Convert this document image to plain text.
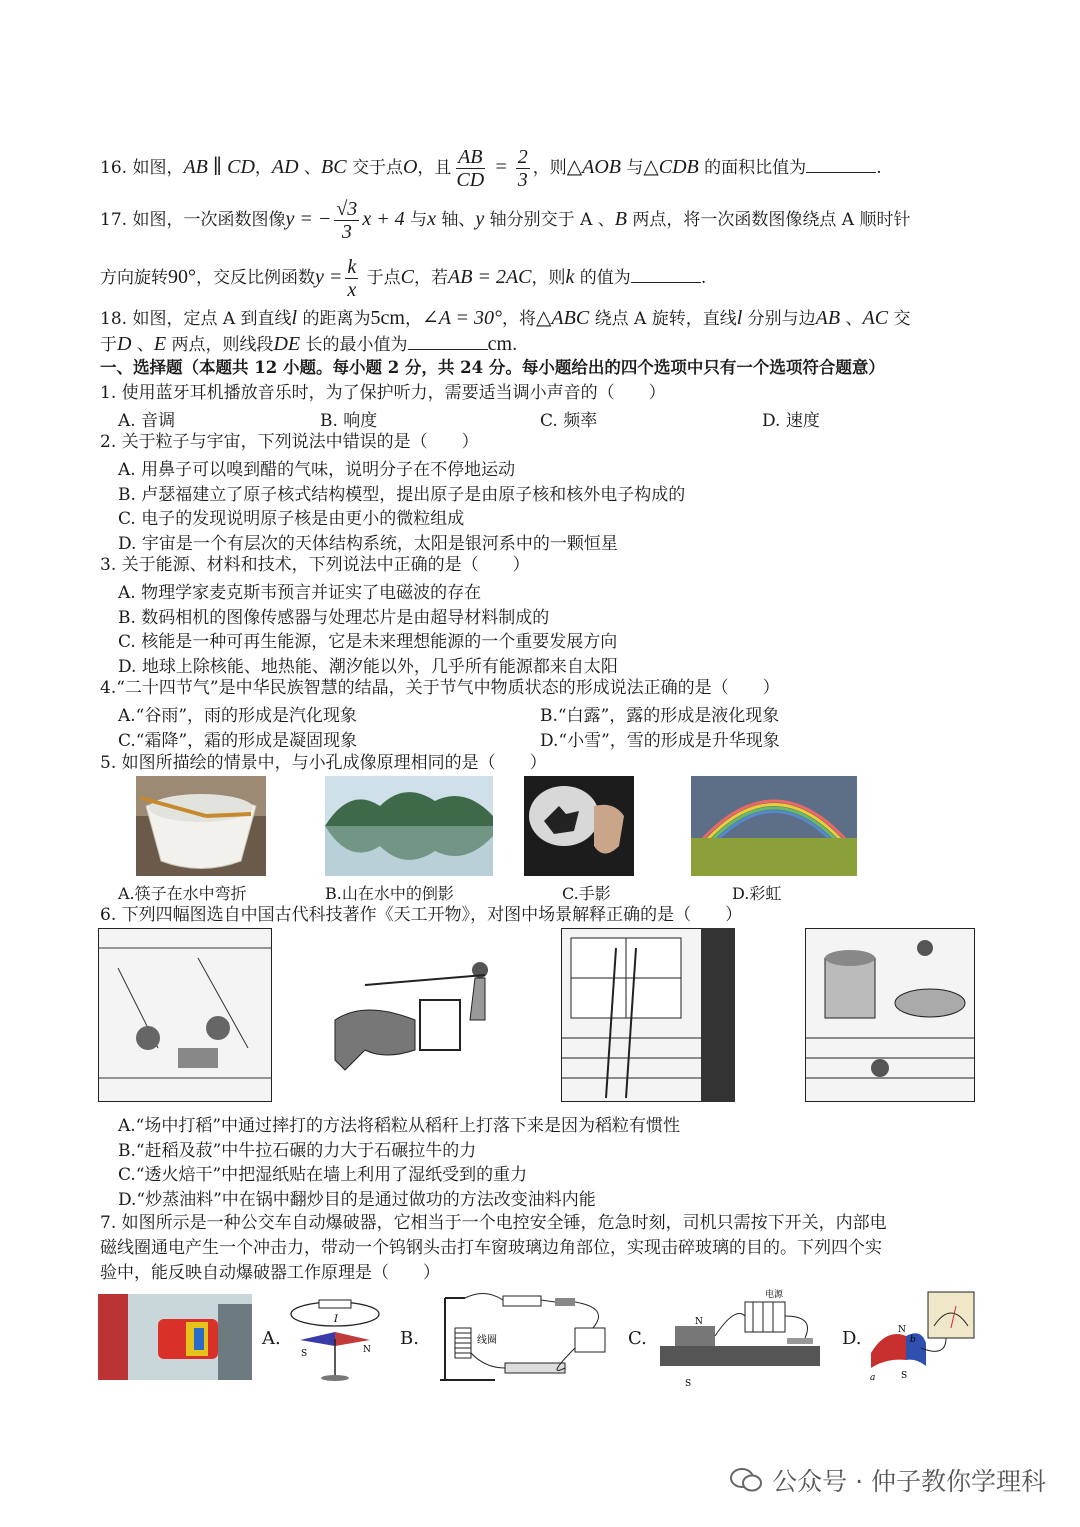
16. 如图，AB ∥ CD，AD 、BC 交于点O，且 $\frac{AB}{CD} = \frac{2}{3}$ ，则△AOB 与△CDB 的面积比值为	.
17. 如图，一次函数图像y = − $\frac{√3}{3}$ x + 4 与x 轴、y 轴分别交于 A 、B 两点，将一次函数图像绕点 A 顺时针
方向旋转90°，交反比例函数$y = \frac{k}{x}$ 于点C，若AB = 2AC，则k 的值为	.
18. 如图，定点 A 到直线l 的距离为5cm，∠A = 30°，将△ABC 绕点 A 旋转，直线l 分别与边AB 、AC 交
于D 、E 两点，则线段DE 长的最小值为	cm.
一、选择题（本题共 12 小题。每小题 2 分，共 24 分。每小题给出的四个选项中只有一个选项符合题意）
1. 使用蓝牙耳机播放音乐时，为了保护听力，需要适当调小声音的（　　）
A. 音调	B. 响度	C. 频率	D. 速度
2. 关于粒子与宇宙，下列说法中错误的是（　　）
A. 用鼻子可以嗅到醋的气味，说明分子在不停地运动
B. 卢瑟福建立了原子核式结构模型，提出原子是由原子核和核外电子构成的
C. 电子的发现说明原子核是由更小的微粒组成
D. 宇宙是一个有层次的天体结构系统，太阳是银河系中的一颗恒星
3. 关于能源、材料和技术，下列说法中正确的是（　　）
A. 物理学家麦克斯韦预言并证实了电磁波的存在
B. 数码相机的图像传感器与处理芯片是由超导材料制成的
C. 核能是一种可再生能源，它是未来理想能源的一个重要发展方向
D. 地球上除核能、地热能、潮汐能以外，几乎所有能源都来自太阳
4.“二十四节气”是中华民族智慧的结晶，关于节气中物质状态的形成说法正确的是（　　）
A.“谷雨”，雨的形成是汽化现象	B.“白露”，露的形成是液化现象
C.“霜降”，霜的形成是凝固现象	D.“小雪”，雪的形成是升华现象
5. 如图所描绘的情景中，与小孔成像原理相同的是（　　）
A.筷子在水中弯折	B.山在水中的倒影	C.手影	D.彩虹
6. 下列四幅图选自中国古代科技著作《天工开物》，对图中场景解释正确的是（　　）
A.“场中打稻”中通过摔打的方法将稻粒从稻秆上打落下来是因为稻粒有惯性
B.“赶稻及菽”中牛拉石碾的力大于石碾拉牛的力
C.“透火焙干”中把湿纸贴在墙上利用了湿纸受到的重力
D.“炒蒸油料”中在锅中翻炒目的是通过做功的方法改变油料内能
7. 如图所示是一种公交车自动爆破器，它相当于一个电控安全锤，危急时刻，司机只需按下开关，内部电
磁线圈通电产生一个冲击力，带动一个钨钢头击打车窗玻璃边角部位，实现击碎玻璃的目的。下列四个实
验中，能反映自动爆破器工作原理是（　　）
A.
I
S	N
B.	线圈	C.
N
S
电源
D.	N
S
a
b
公众号 · 仲子教你学理科
